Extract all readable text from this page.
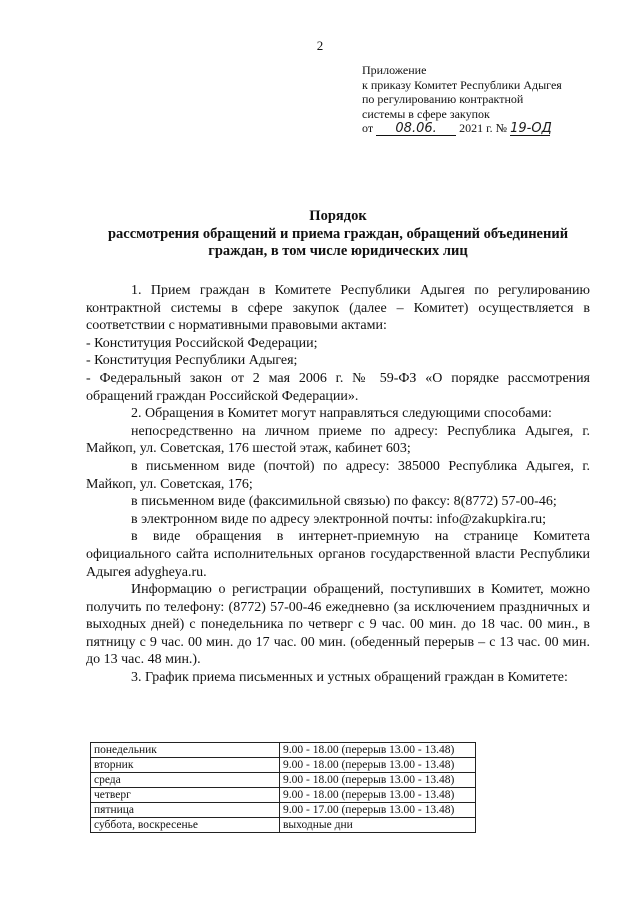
2
Приложение
к приказу Комитет Республики Адыгея
по регулированию контрактной
системы в сфере закупок
от 08.06. 2021 г. № 19-ОД
Порядок
рассмотрения обращений и приема граждан, обращений объединений
граждан, в том числе юридических лиц

1. Прием граждан в Комитете Республики Адыгея по регулированию контрактной системы в сфере закупок (далее – Комитет) осуществляется в соответствии с нормативными правовыми актами:

- Конституция Российской Федерации;

- Конституция Республики Адыгея;

- Федеральный закон от 2 мая 2006 г. № 59-ФЗ «О порядке рассмотрения обращений граждан Российской Федерации».

2. Обращения в Комитет могут направляться следующими способами:

непосредственно на личном приеме по адресу: Республика Адыгея, г. Майкоп, ул. Советская, 176 шестой этаж, кабинет 603;

в письменном виде (почтой) по адресу: 385000 Республика Адыгея, г. Майкоп, ул. Советская, 176;

в письменном виде (факсимильной связью) по факсу: 8(8772) 57-00-46;

в электронном виде по адресу электронной почты: info@zakupkira.ru;

в виде обращения в интернет-приемную на странице Комитета официального сайта исполнительных органов государственной власти Республики Адыгея adygheya.ru.

Информацию о регистрации обращений, поступивших в Комитет, можно получить по телефону: (8772) 57-00-46 ежедневно (за исключением праздничных и выходных дней) с понедельника по четверг с 9 час. 00 мин. до 18 час. 00 мин., в пятницу с 9 час. 00 мин. до 17 час. 00 мин. (обеденный перерыв – с 13 час. 00 мин. до 13 час. 48 мин.).

3. График приема письменных и устных обращений граждан в Комитете:

понедельник	9.00 - 18.00 (перерыв 13.00 - 13.48)
вторник	9.00 - 18.00 (перерыв 13.00 - 13.48)
среда	9.00 - 18.00 (перерыв 13.00 - 13.48)
четверг	9.00 - 18.00 (перерыв 13.00 - 13.48)
пятница	9.00 - 17.00 (перерыв 13.00 - 13.48)
суббота, воскресенье	выходные дни
